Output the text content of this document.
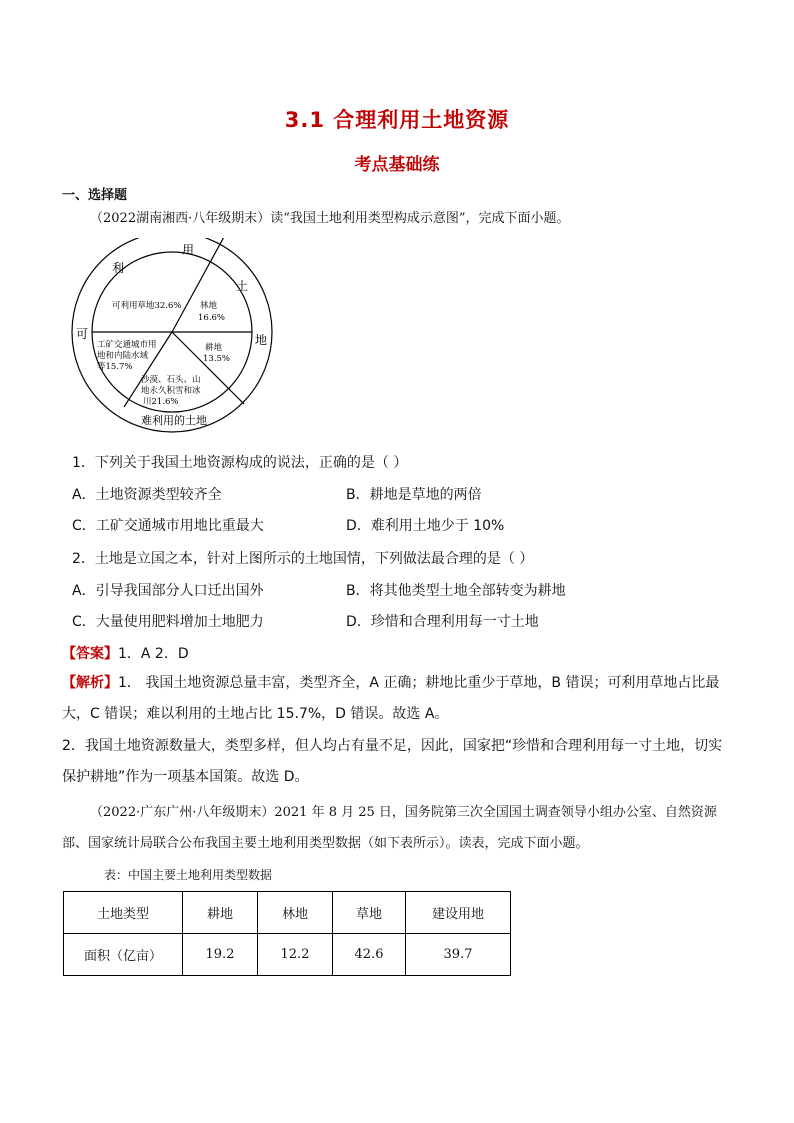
3.1 合理利用土地资源
考点基础练
一、选择题
（2022湖南湘西·八年级期末）读“我国土地利用类型构成示意图”，完成下面小题。
用
土
地
可
利
难利用的土地
可利用草地32.6% 林地
16.6%
耕地
13.5%
沙漠、石头、山
地永久积雪和冰
川21.6%
工矿交通城市用
地和内陆水域
等15.7%
1．下列关于我国土地资源构成的说法，正确的是（ ）
A．土地资源类型较齐全	B．耕地是草地的两倍
C．工矿交通城市用地比重最大	D．难利用土地少于 10%
2．土地是立国之本，针对上图所示的土地国情，下列做法最合理的是（ ）
A．引导我国部分人口迁出国外	B．将其他类型土地全部转变为耕地
C．大量使用肥料增加土地肥力	D．珍惜和合理利用每一寸土地
【答案】1．A 2．D
【解析】1． 我国土地资源总量丰富，类型齐全，A 正确；耕地比重少于草地，B 错误；可利用草地占比最大，C 错误；难以利用的土地占比 15.7%，D 错误。故选 A。
2．我国土地资源数量大，类型多样，但人均占有量不足，因此，国家把“珍惜和合理利用每一寸土地，切实保护耕地”作为一项基本国策。故选 D。
（2022·广东广州·八年级期末）2021 年 8 月 25 日，国务院第三次全国国土调查领导小组办公室、自然资源部、国家统计局联合公布我国主要土地利用类型数据（如下表所示）。读表，完成下面小题。
表：中国主要土地利用类型数据
土地类型	耕地	林地	草地	建设用地
面积（亿亩）	19.2	12.2	42.6	39.7
